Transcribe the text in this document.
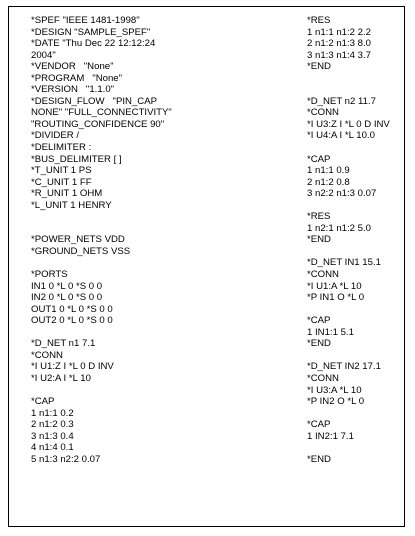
*SPEF "IEEE 1481-1998"
*DESIGN "SAMPLE_SPEF"
*DATE "Thu Dec 22 12:12:24
2004"
*VENDOR   "None"
*PROGRAM   "None"
*VERSION   "1.1.0"
*DESIGN_FLOW   "PIN_CAP
NONE" "FULL_CONNECTIVITY"
"ROUTING_CONFIDENCE 90"
*DIVIDER /
*DELIMITER :
*BUS_DELIMITER [ ]
*T_UNIT 1 PS
*C_UNIT 1 FF
*R_UNIT 1 OHM
*L_UNIT 1 HENRY
*POWER_NETS VDD
*GROUND_NETS VSS
*PORTS
IN1 0 *L 0 *S 0 0
IN2 0 *L 0 *S 0 0
OUT1 0 *L 0 *S 0 0
OUT2 0 *L 0 *S 0 0
*D_NET n1 7.1
*CONN
*I U1:Z I *L 0 D INV
*I U2:A I *L 10
*CAP
1 n1:1 0.2
2 n1:2 0.3
3 n1:3 0.4
4 n1:4 0.1
5 n1:3 n2:2 0.07
*RES
1 n1:1 n1:2 2.2
2 n1:2 n1:3 8.0
3 n1:3 n1:4 3.7
*END
*D_NET n2 11.7
*CONN
*I U3:Z I *L 0 D INV
*I U4:A I *L 10.0
*CAP
1 n1:1 0.9
2 n1:2 0.8
3 n2:2 n1:3 0.07
*RES
1 n2:1 n1:2 5.0
*END
*D_NET IN1 15.1
*CONN
*I U1:A *L 10
*P IN1 O *L 0
*CAP
1 IN1:1 5.1
*END
*D_NET IN2 17.1
*CONN
*I U3:A *L 10
*P IN2 O *L 0
*CAP
1 IN2:1 7.1
*END
